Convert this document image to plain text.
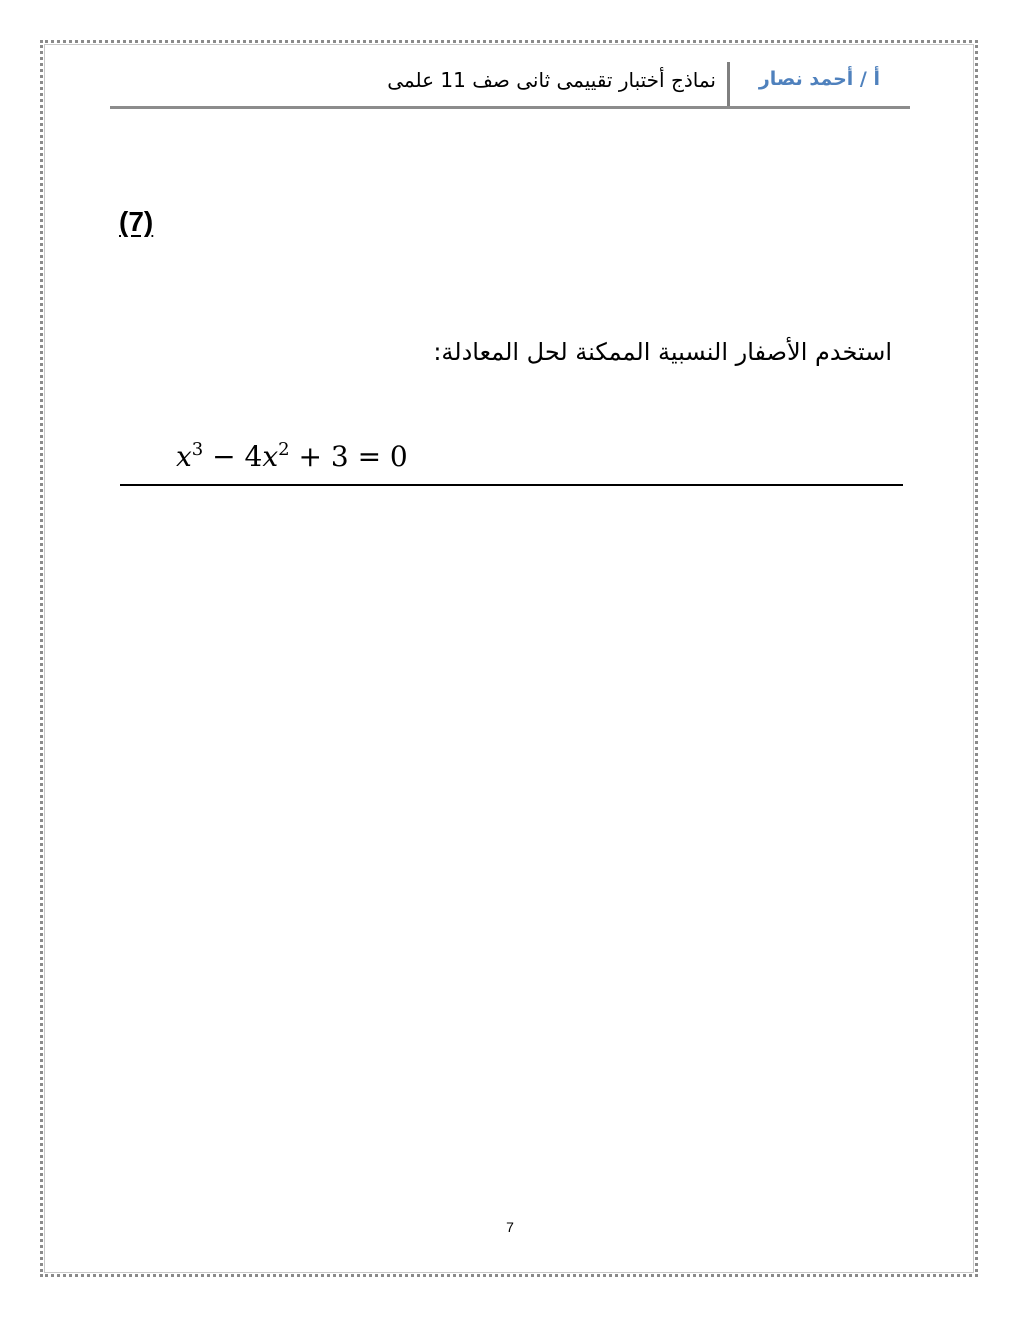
أ / أحمد نصار
نماذج أختبار تقييمى ثانى صف 11 علمى
(7)
استخدم الأصفار النسبية الممكنة لحل المعادلة:
$x^3 - 4x^2 + 3 = 0$
7
